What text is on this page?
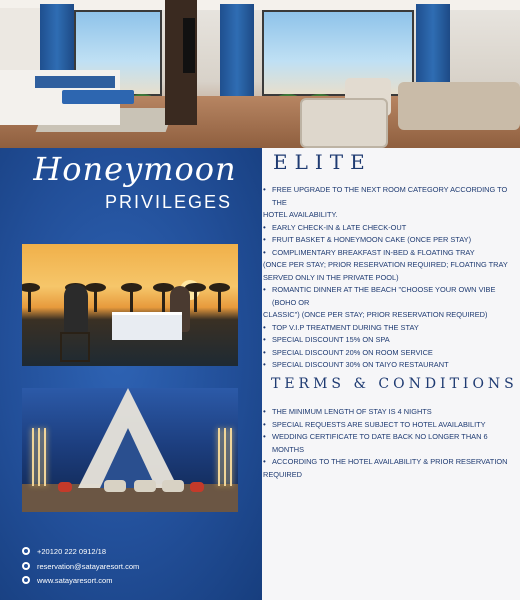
Honeymoon
PRIVILEGES
+20120 222 0912/18
reservation@satayaresort.com
www.satayaresort.com
ELITE
• FREE UPGRADE TO THE NEXT ROOM CATEGORY ACCORDING TO THE
HOTEL AVAILABILITY.
• EARLY CHECK-IN & LATE CHECK-OUT
• FRUIT BASKET & HONEYMOON CAKE (ONCE PER STAY)
• COMPLIMENTARY BREAKFAST IN-BED & FLOATING TRAY
(ONCE PER STAY; PRIOR RESERVATION REQUIRED; FLOATING TRAY
SERVED ONLY IN THE PRIVATE POOL)
• ROMANTIC DINNER AT THE BEACH "CHOOSE YOUR OWN VIBE (BOHO OR
CLASSIC") (ONCE PER STAY; PRIOR RESERVATION REQUIRED)
• TOP V.I.P TREATMENT DURING THE STAY
• SPECIAL DISCOUNT 15% ON SPA
• SPECIAL DISCOUNT 20% ON ROOM SERVICE
• SPECIAL DISCOUNT 30% ON TAIYO RESTAURANT
TERMS & CONDITIONS
• THE MINIMUM LENGTH OF STAY IS 4 NIGHTS
• SPECIAL REQUESTS ARE SUBJECT TO HOTEL AVAILABILITY
• WEDDING CERTIFICATE TO DATE BACK NO LONGER THAN 6 MONTHS
• ACCORDING TO THE HOTEL AVAILABILITY & PRIOR RESERVATION
REQUIRED
